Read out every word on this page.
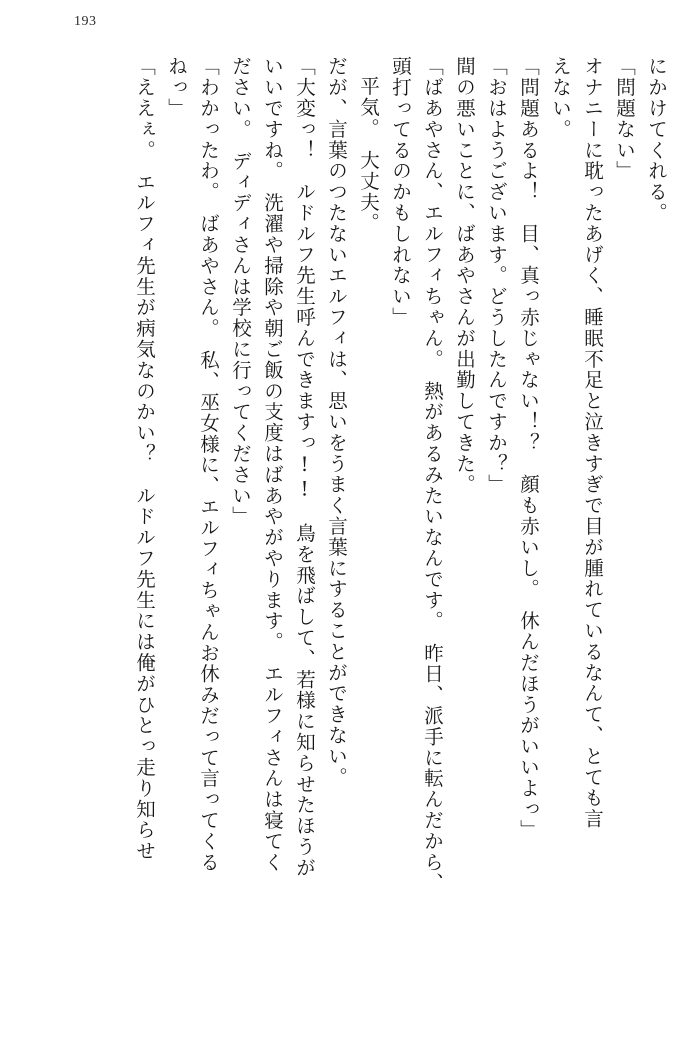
193
にかけてくれる。
「問題ない」
オナニーに耽ったあげく、睡眠不足と泣きすぎで目が腫れているなんて、とても言
えない。
「問題あるよ！　目、真っ赤じゃない！？　顔も赤いし。　休んだほうがいいよっ」
「おはようございます。どうしたんですか？」
間の悪いことに、ばあやさんが出勤してきた。
「ばあやさん、エルフィちゃん。　熱があるみたいなんです。　昨日、派手に転んだから、
頭打ってるのかもしれない」
平気。　大丈夫。
だが、言葉のつたないエルフィは、思いをうまく言葉にすることができない。
「大変っ！　ルドルフ先生呼んできますっ!!　鳥を飛ばして、若様に知らせたほうが
いいですね。　洗濯や掃除や朝ご飯の支度はばあやがやります。　エルフィさんは寝てく
ださい。　ディディさんは学校に行ってください」
「わかったわ。　ばあやさん。　私、巫女様に、エルフィちゃんお休みだって言ってくる
ねっ」
「ええぇ。　エルフィ先生が病気なのかい？　ルドルフ先生には俺がひとっ走り知らせ
